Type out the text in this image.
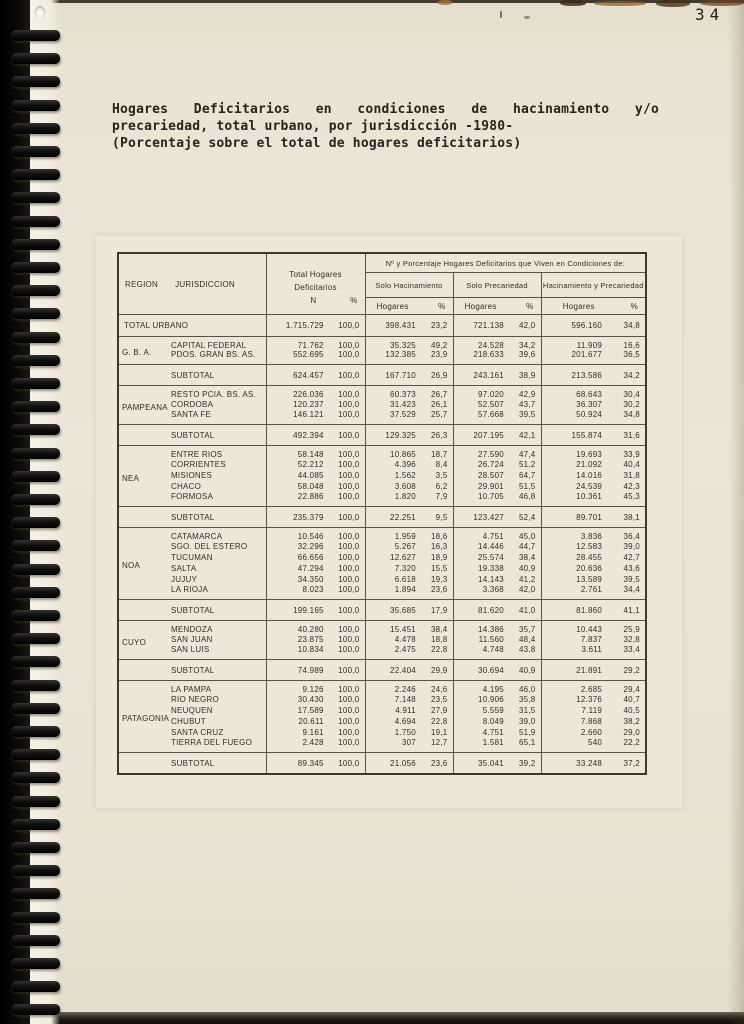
34
Hogares Deficitarios en condiciones de hacinamiento y/o
precariedad, total urbano, por jurisdicción -1980-
(Porcentaje sobre el total de hogares deficitarios)
REGION JURISDICCION

Total Hogares
Deficitarios
N	%
	Nº y Porcentaje Hogares Deficitarios que Viven en Condiciones de:
			Solo Hacinamiento	Solo Precariedad	Hacinamiento y Precariedad

			Hogares %	Hogares %	Hogares %

TOTAL URBANO		1.715.729 100,0	398.431 23,2	721.138 42,0	596.160 34,8

G. B. A.	CAPITAL FEDERAL	71.762 100,0	35.325 49,2	24.528 34,2	11.909 16,6

	PDOS. GRAN BS. AS.	552.695 100,0	132.385 23,9	218.633 39,6	201.677 36,5

	SUBTOTAL	624.457 100,0	167.710 26,9	243.161 38,9	213.586 34,2

PAMPEANA	RESTO PCIA. BS. AS.	226.036 100,0	60.373 26,7	97.020 42,9	68.643 30,4

	CORDOBA	120.237 100,0	31.423 26,1	52.507 43,7	36.307 30,2

	SANTA FE	146.121 100,0	37.529 25,7	57.668 39,5	50.924 34,8

	SUBTOTAL	492.394 100,0	129.325 26,3	207.195 42,1	155.874 31,6

NEA	ENTRE RIOS	58.148 100,0	10.865 18,7	27.590 47,4	19.693 33,9

	CORRIENTES	52.212 100,0	4.396 8,4	26.724 51,2	21.092 40,4

	MISIONES	44.085 100,0	1.562 3,5	28.507 64,7	14.016 31,8

	CHACO	58.048 100,0	3.608 6,2	29.901 51,5	24.539 42,3

	FORMOSA	22.886 100,0	1.820 7,9	10.705 46,8	10.361 45,3

	SUBTOTAL	235.379 100,0	22.251 9,5	123.427 52,4	89.701 38,1

NOA	CATAMARCA	10.546 100,0	1.959 18,6	4.751 45,0	3.836 36,4

	SGO. DEL ESTERO	32.296 100,0	5.267 16,3	14.446 44,7	12.583 39,0

	TUCUMAN	66.656 100,0	12.627 18,9	25.574 38,4	28.455 42,7

	SALTA	47.294 100,0	7.320 15,5	19.338 40,9	20.636 43,6

	JUJUY	34.350 100,0	6.618 19,3	14.143 41,2	13.589 39,5

	LA RIOJA	8.023 100,0	1.894 23,6	3.368 42,0	2.761 34,4

	SUBTOTAL	199.165 100,0	35.685 17,9	81.620 41,0	81.860 41,1

CUYO	MENDOZA	40.280 100,0	15.451 38,4	14.386 35,7	10.443 25,9

	SAN JUAN	23.875 100,0	4.478 18,8	11.560 48,4	7.837 32,8

	SAN LUIS	10.834 100,0	2.475 22,8	4.748 43,8	3.611 33,4

	SUBTOTAL	74.989 100,0	22.404 29,9	30.694 40,9	21.891 29,2

PATAGONIA	LA PAMPA	9.126 100,0	2.246 24,6	4.195 46,0	2.685 29,4

	RIO NEGRO	30.430 100,0	7.148 23,5	10.906 35,8	12.376 40,7

	NEUQUEN	17.589 100,0	4.911 27,9	5.559 31,5	7.119 40,5

	CHUBUT	20.611 100,0	4.694 22,8	8.049 39,0	7.868 38,2

	SANTA CRUZ	9.161 100,0	1.750 19,1	4.751 51,9	2.660 29,0

	TIERRA DEL FUEGO	2.428 100,0	307 12,7	1.581 65,1	540 22,2

	SUBTOTAL	89.345 100,0	21.056 23,6	35.041 39,2	33.248 37,2
